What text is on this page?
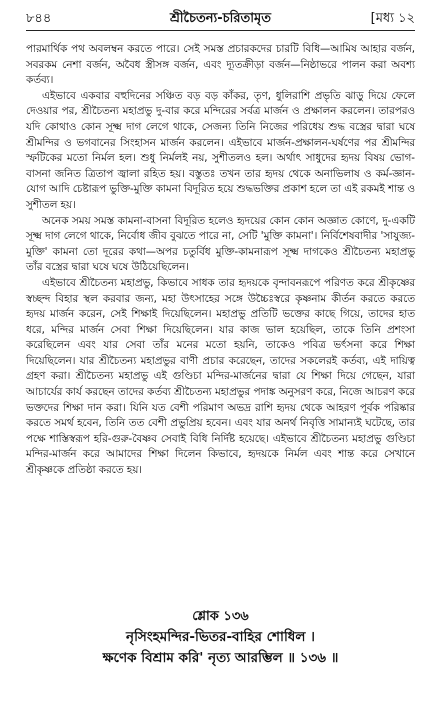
৮৪৪	শ্রীচৈতন্য-চরিতামৃত	[মধ্য ১২

পারমার্থিক পথ অবলম্বন করতে পারে। সেই সমস্ত প্রচারকদের চারটি বিধি—আমিষ আহার বর্জন, সবরকম নেশা বর্জন, অবৈধ স্ত্রীসঙ্গ বর্জন, এবং দ্যূতক্রীড়া বর্জন—নিষ্ঠাভরে পালন করা অবশ্য কর্তব্য।

এইভাবে একবার বহুদিনের সঞ্চিত বড় বড় কাঁকর, তৃণ, ধুলিরাশি প্রভৃতি ঝাড়ু দিয়ে ফেলে দেওয়ার পর, শ্রীচৈতন্য মহাপ্রভু দু-বার করে মন্দিরের সর্বত্র মার্জন ও প্রক্ষালন করলেন। তারপরও যদি কোথাও কোন সূক্ষ্ম দাগ লেগে থাকে, সেজন্য তিনি নিজের পরিধেয় শুদ্ধ বস্ত্রের দ্বারা ঘষে শ্রীমন্দির ও ভগবানের সিংহাসন মার্জন করলেন। এইভাবে মার্জন-প্রক্ষালন-ঘর্ষণের পর শ্রীমন্দির স্ফটিকের মতো নির্মল হল। শুধু নির্মলই নয়, সুশীতলও হল। অর্থাৎ সাধুদের হৃদয় বিষয় ভোগ-বাসনা জনিত ত্রিতাপ জ্বালা রহিত হয়। বস্তুতঃ তখন তার হৃদয় থেকে অনাভিলাষ ও কর্ম-জ্ঞান-যোগ আদি চেষ্টারূপ ভুক্তি-মুক্তি কামনা বিদূরিত হয়ে শুদ্ধভক্তির প্রকাশ হলে তা এই রকমই শান্ত ও সুশীতল হয়।

অনেক সময় সমস্ত কামনা-বাসনা বিদূরিত হলেও হৃদয়ের কোন কোন অজ্ঞাত কোণে, দু-একটি সূক্ষ্ম দাগ লেগে থাকে, নির্বোধ জীব বুঝতে পারে না, সেটি 'মুক্তি কামনা'। নির্বিশেষবাদীর 'সাযুজ্য-মুক্তি' কামনা তো দূরের কথা—অপর চতুর্বিধ মুক্তি-কামনারূপ সূক্ষ্ম দাগকেও শ্রীচৈতন্য মহাপ্রভু তাঁর বস্ত্রের দ্বারা ঘষে ঘষে উঠিয়েছিলেন।

এইভাবে শ্রীচৈতন্য মহাপ্রভু, কিভাবে সাধক তার হৃদয়কে বৃন্দাবনরূপে পরিণত করে শ্রীকৃষ্ণের স্বচ্ছন্দ বিহার স্থল করবার জন্য, মহা উৎসাহের সঙ্গে উচ্চৈঃস্বরে কৃষ্ণনাম কীর্তন করতে করতে হৃদয় মার্জন করেন, সেই শিক্ষাই দিয়েছিলেন। মহাপ্রভু প্রতিটি ভক্তের কাছে গিয়ে, তাদের হাত ধরে, মন্দির মার্জন সেবা শিক্ষা দিয়েছিলেন। যার কাজ ভাল হয়েছিল, তাকে তিনি প্রশংসা করেছিলেন এবং যার সেবা তাঁর মনের মতো হয়নি, তাকেও পবিত্র ভর্ৎসনা করে শিক্ষা দিয়েছিলেন। যার শ্রীচৈতন্য মহাপ্রভুর বাণী প্রচার করেছেন, তাদের সকলেরই কর্তব্য, এই দায়িত্ব গ্রহণ করা। শ্রীচৈতন্য মহাপ্রভু এই গুণ্ডিচা মন্দির-মার্জনের দ্বারা যে শিক্ষা দিয়ে গেছেন, যারা আচার্যের কার্য করছেন তাদের কর্তব্য শ্রীচৈতন্য মহাপ্রভুর পদাঙ্ক অনুসরণ করে, নিজে আচরণ করে ভক্তদের শিক্ষা দান করা। যিনি যত বেশী পরিমাণ অভদ্র রাশি হৃদয় থেকে আহরণ পূর্বক পরিষ্কার করতে সমর্থ হবেন, তিনি তত বেশী প্রভুপ্রিয় হবেন। এবং যার অনর্থ নিবৃত্তি সামান্যই ঘটেছে, তার পক্ষে শাস্তিস্বরূপ হরি-গুরু-বৈষ্ণব সেবাই বিধি নির্দিষ্ট হয়েছে। এইভাবে শ্রীচৈতন্য মহাপ্রভু গুণ্ডিচা মন্দির-মার্জন করে আমাদের শিক্ষা দিলেন কিভাবে, হৃদয়কে নির্মল এবং শান্ত করে সেখানে শ্রীকৃষ্ণকে প্রতিষ্ঠা করতে হয়।

শ্লোক ১৩৬
নৃসিংহমন্দির-ভিতর-বাহির শোধিল ।
ক্ষণেক বিশ্রাম করি' নৃত্য আরম্ভিল ॥ ১৩৬ ॥
